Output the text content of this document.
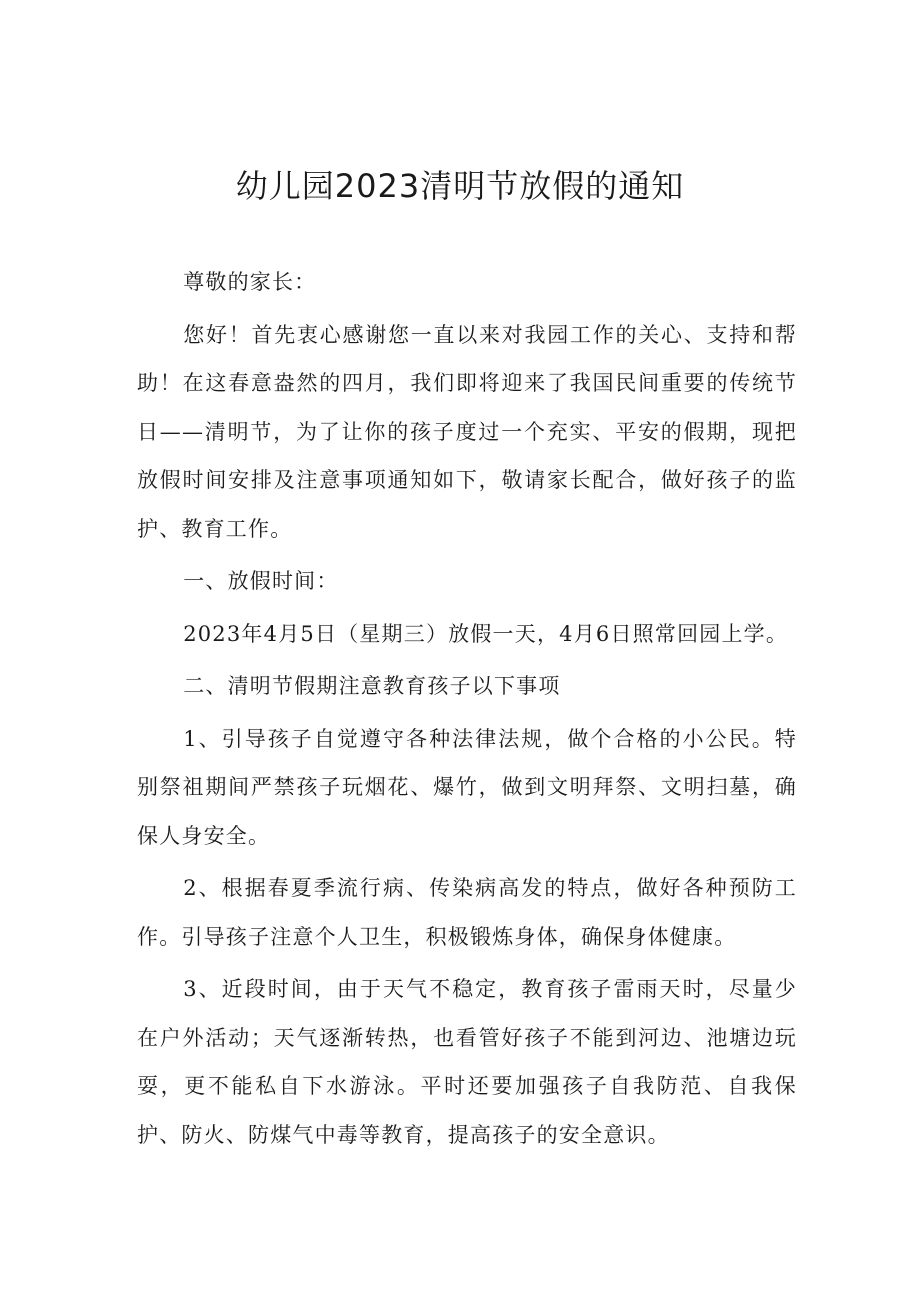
幼儿园2023清明节放假的通知

尊敬的家长：

您好！首先衷心感谢您一直以来对我园工作的关心、支持和帮助！在这春意盎然的四月，我们即将迎来了我国民间重要的传统节日——清明节，为了让你的孩子度过一个充实、平安的假期，现把放假时间安排及注意事项通知如下，敬请家长配合，做好孩子的监护、教育工作。

一、放假时间：

2023年4月5日（星期三）放假一天，4月6日照常回园上学。

二、清明节假期注意教育孩子以下事项

1、引导孩子自觉遵守各种法律法规，做个合格的小公民。特别祭祖期间严禁孩子玩烟花、爆竹，做到文明拜祭、文明扫墓，确保人身安全。

2、根据春夏季流行病、传染病高发的特点，做好各种预防工作。引导孩子注意个人卫生，积极锻炼身体，确保身体健康。

3、近段时间，由于天气不稳定，教育孩子雷雨天时，尽量少在户外活动；天气逐渐转热，也看管好孩子不能到河边、池塘边玩耍，更不能私自下水游泳。平时还要加强孩子自我防范、自我保护、防火、防煤气中毒等教育，提高孩子的安全意识。
